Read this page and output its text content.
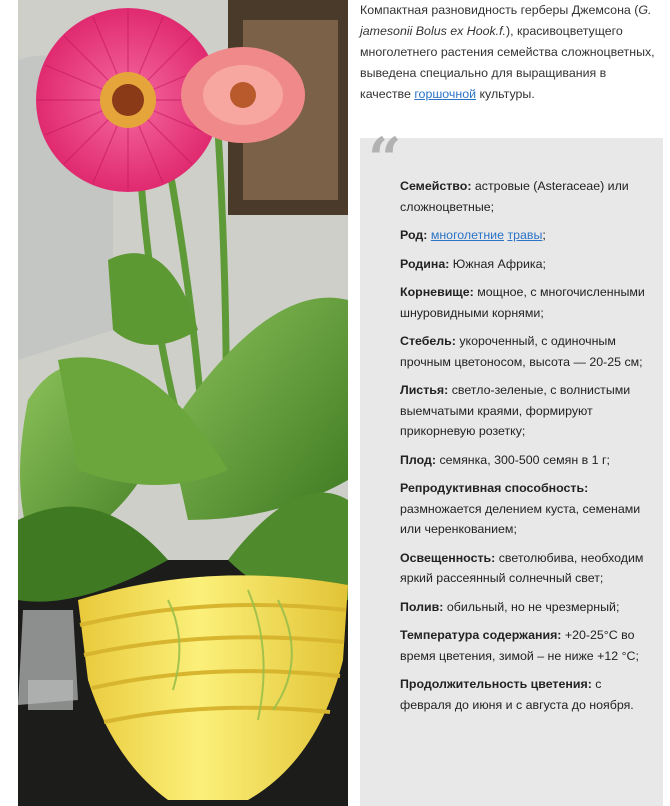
Компактная разновидность герберы Джемсона (G. jamesonii Bolus ex Hook.f.), красивоцветущего многолетнего растения семейства сложноцветных, выведена специально для выращивания в качестве горшочной культуры.
“

Семейство: астровые (Asteraceae) или сложноцветные;

Род: многолетние травы;

Родина: Южная Африка;

Корневище: мощное, с многочисленными шнуровидными корнями;

Стебель: укороченный, с одиночным прочным цветоносом, высота — 20-25 см;

Листья: светло-зеленые, с волнистыми выемчатыми краями, формируют прикорневую розетку;

Плод: семянка, 300-500 семян в 1 г;

Репродуктивная способность: размножается делением куста, семенами или черенкованием;

Освещенность: светолюбива, необходим яркий рассеянный солнечный свет;

Полив: обильный, но не чрезмерный;

Температура содержания: +20-25°С во время цветения, зимой – не ниже +12 °С;

Продолжительность цветения: с февраля до июня и с августа до ноября.
